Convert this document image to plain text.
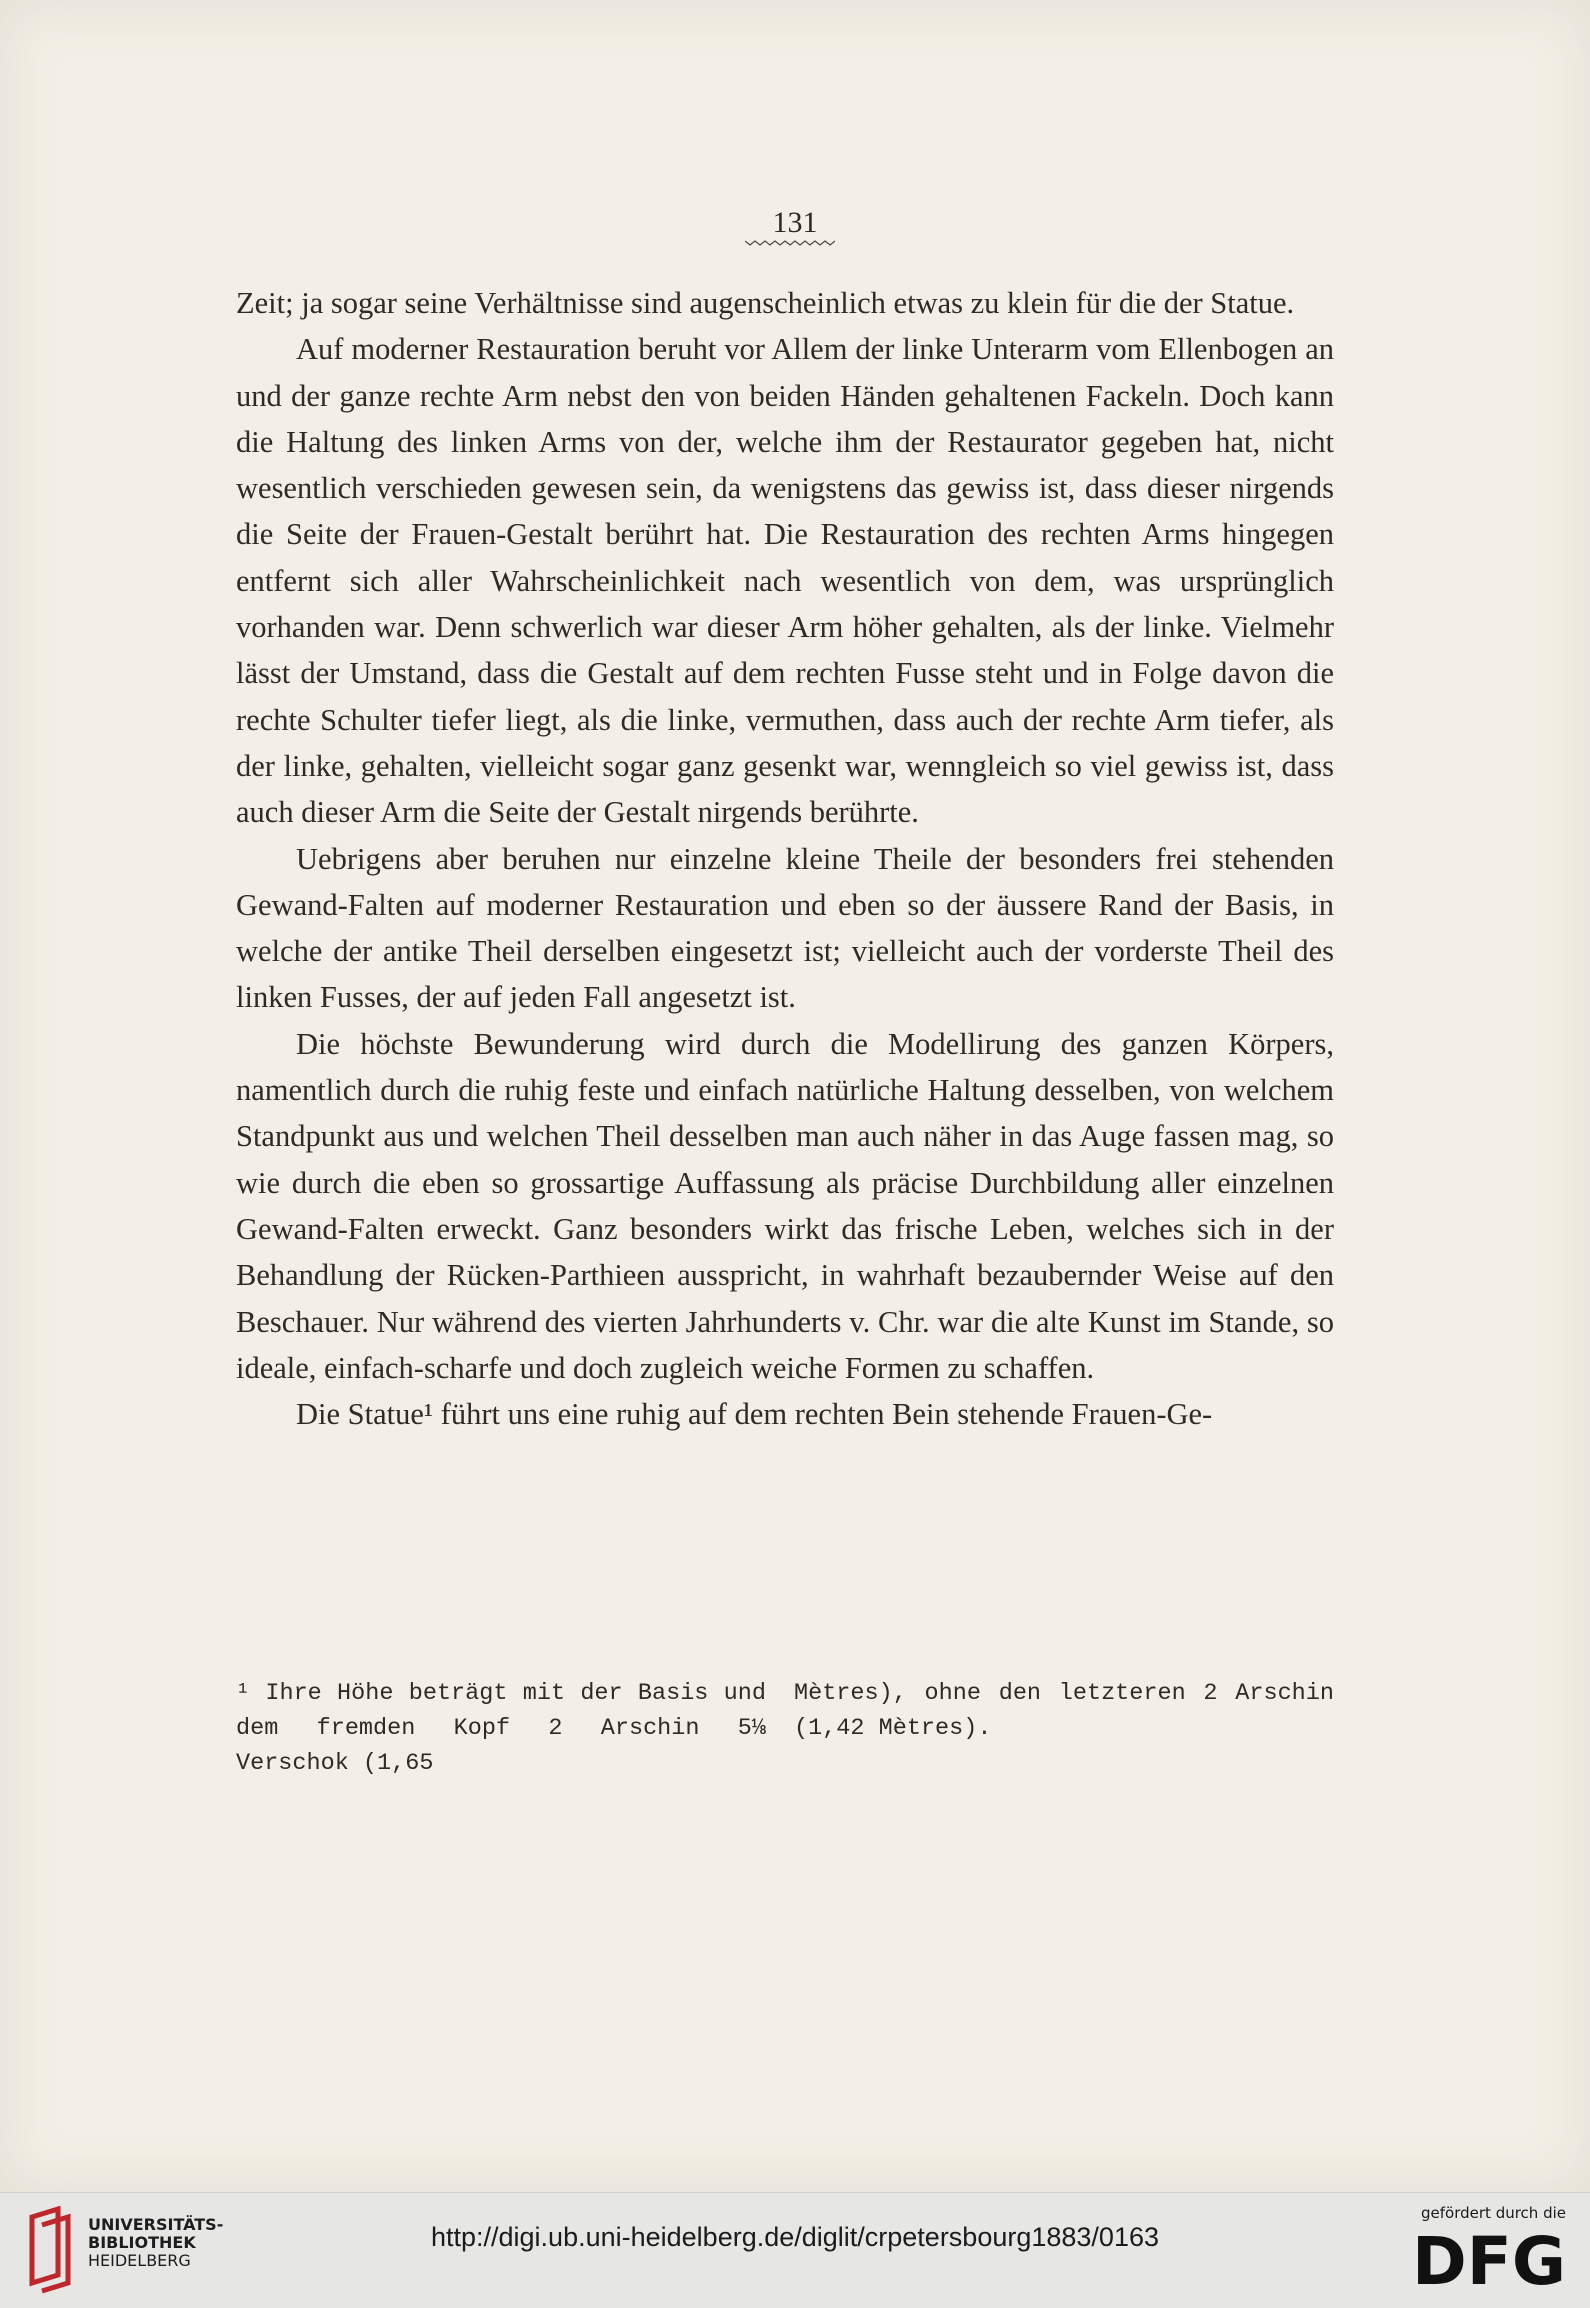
131

Zeit; ja sogar seine Verhältnisse sind augenscheinlich etwas zu klein für die der Statue.

Auf moderner Restauration beruht vor Allem der linke Unterarm vom Ellenbogen an und der ganze rechte Arm nebst den von beiden Händen gehaltenen Fackeln. Doch kann die Haltung des linken Arms von der, welche ihm der Restaurator gegeben hat, nicht wesentlich verschieden gewesen sein, da wenigstens das gewiss ist, dass dieser nirgends die Seite der Frauen-Gestalt berührt hat. Die Restauration des rechten Arms hingegen entfernt sich aller Wahrscheinlichkeit nach wesentlich von dem, was ursprünglich vorhanden war. Denn schwerlich war dieser Arm höher gehalten, als der linke. Vielmehr lässt der Umstand, dass die Gestalt auf dem rechten Fusse steht und in Folge davon die rechte Schulter tiefer liegt, als die linke, vermuthen, dass auch der rechte Arm tiefer, als der linke, gehalten, vielleicht sogar ganz gesenkt war, wenngleich so viel gewiss ist, dass auch dieser Arm die Seite der Gestalt nirgends berührte.

Uebrigens aber beruhen nur einzelne kleine Theile der besonders frei stehenden Gewand-Falten auf moderner Restauration und eben so der äussere Rand der Basis, in welche der antike Theil derselben eingesetzt ist; vielleicht auch der vorderste Theil des linken Fusses, der auf jeden Fall angesetzt ist.

Die höchste Bewunderung wird durch die Modellirung des ganzen Körpers, namentlich durch die ruhig feste und einfach natürliche Haltung desselben, von welchem Standpunkt aus und welchen Theil desselben man auch näher in das Auge fassen mag, so wie durch die eben so grossartige Auffassung als präcise Durchbildung aller einzelnen Gewand-Falten erweckt. Ganz besonders wirkt das frische Leben, welches sich in der Behandlung der Rücken-Parthieen ausspricht, in wahrhaft bezaubernder Weise auf den Beschauer. Nur während des vierten Jahrhunderts v. Chr. war die alte Kunst im Stande, so ideale, einfach-scharfe und doch zugleich weiche Formen zu schaffen.

Die Statue¹ führt uns eine ruhig auf dem rechten Bein stehende Frauen-Ge-

¹ Ihre Höhe beträgt mit der Basis und dem fremden Kopf 2 Arschin 5⅛ Verschok (1,65
Mètres), ohne den letzteren 2 Arschin (1,42 Mètres).
UNIVERSITÄTS-
BIBLIOTHEK
HEIDELBERG
http://digi.ub.uni-heidelberg.de/diglit/crpetersbourg1883/0163
gefördert durch die
DFG
